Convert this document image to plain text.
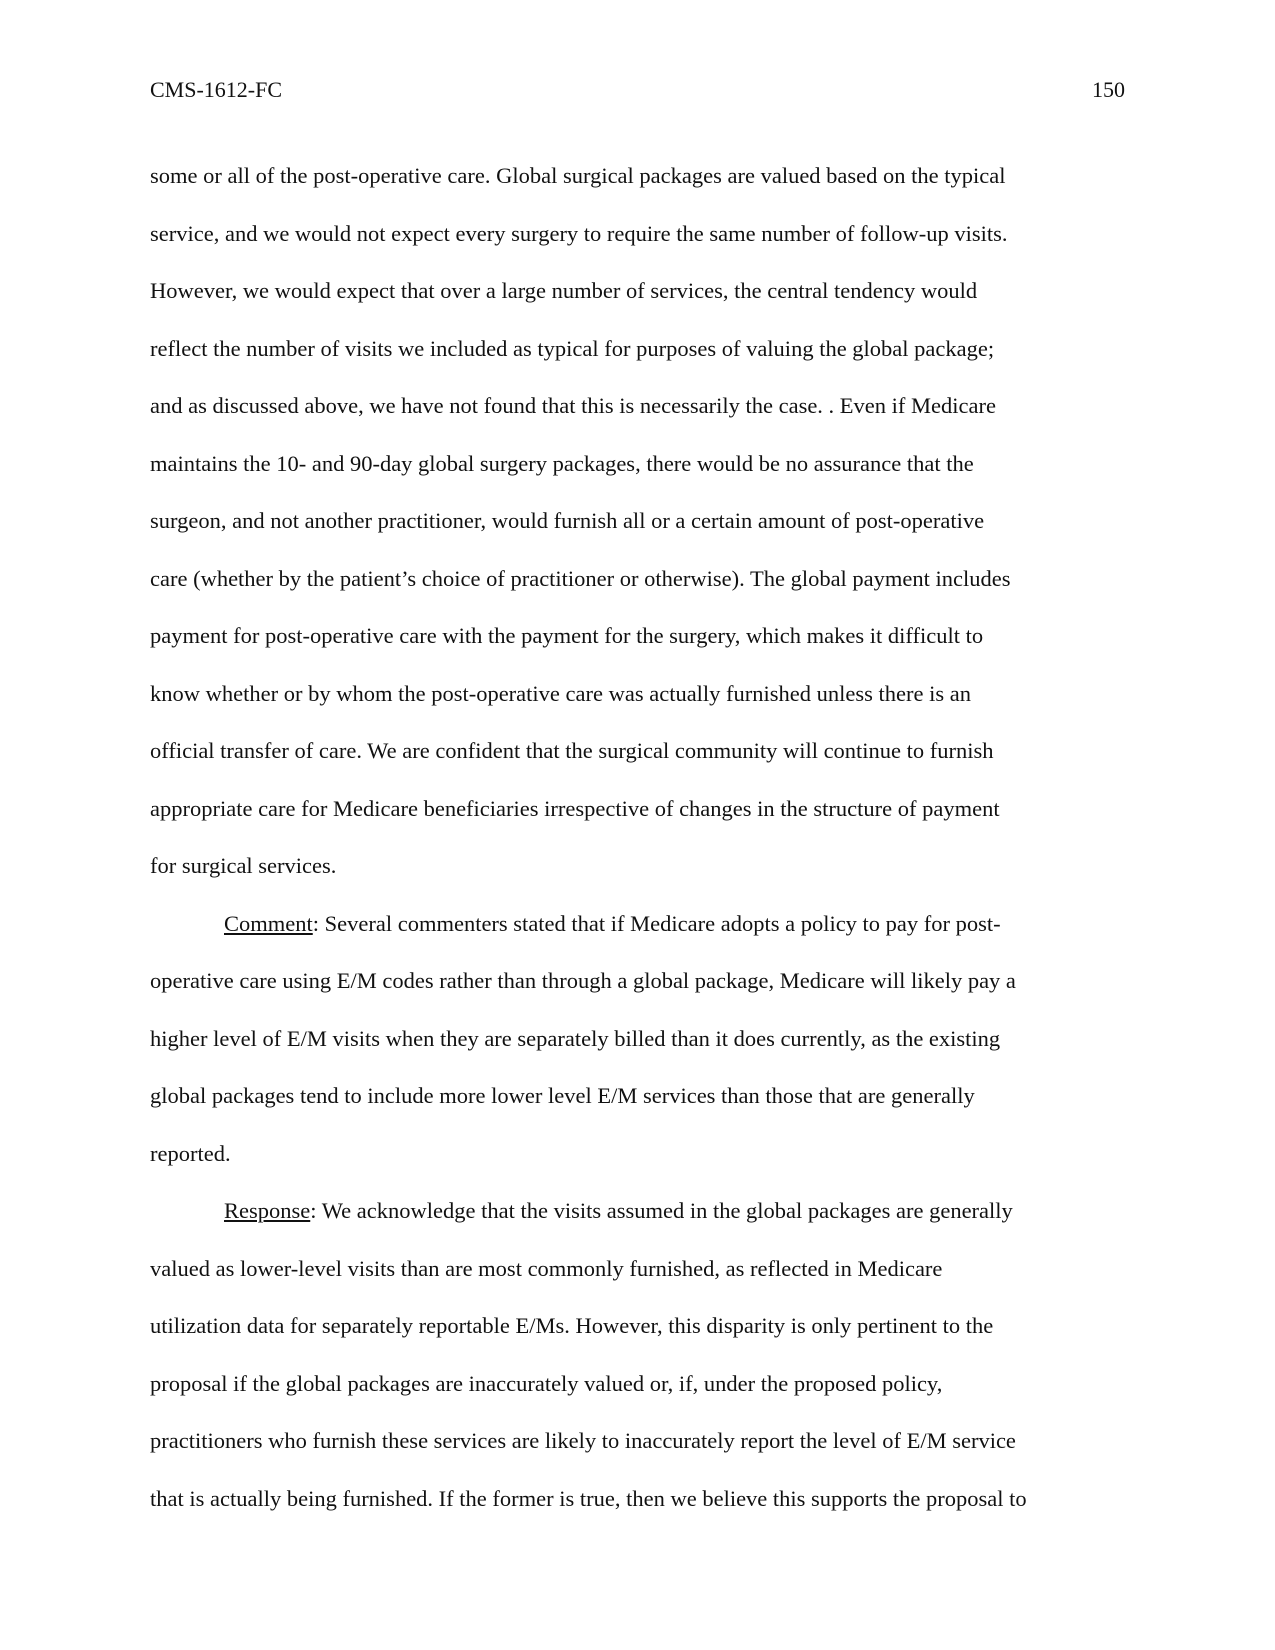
CMS-1612-FC	150
some or all of the post-operative care. Global surgical packages are valued based on the typical
service, and we would not expect every surgery to require the same number of follow-up visits.
However, we would expect that over a large number of services, the central tendency would
reflect the number of visits we included as typical for purposes of valuing the global package;
and as discussed above, we have not found that this is necessarily the case. . Even if Medicare
maintains the 10- and 90-day global surgery packages, there would be no assurance that the
surgeon, and not another practitioner, would furnish all or a certain amount of post-operative
care (whether by the patient’s choice of practitioner or otherwise). The global payment includes
payment for post-operative care with the payment for the surgery, which makes it difficult to
know whether or by whom the post-operative care was actually furnished unless there is an
official transfer of care. We are confident that the surgical community will continue to furnish
appropriate care for Medicare beneficiaries irrespective of changes in the structure of payment
for surgical services.
Comment: Several commenters stated that if Medicare adopts a policy to pay for post-
operative care using E/M codes rather than through a global package, Medicare will likely pay a
higher level of E/M visits when they are separately billed than it does currently, as the existing
global packages tend to include more lower level E/M services than those that are generally
reported.
Response: We acknowledge that the visits assumed in the global packages are generally
valued as lower-level visits than are most commonly furnished, as reflected in Medicare
utilization data for separately reportable E/Ms. However, this disparity is only pertinent to the
proposal if the global packages are inaccurately valued or, if, under the proposed policy,
practitioners who furnish these services are likely to inaccurately report the level of E/M service
that is actually being furnished. If the former is true, then we believe this supports the proposal to
